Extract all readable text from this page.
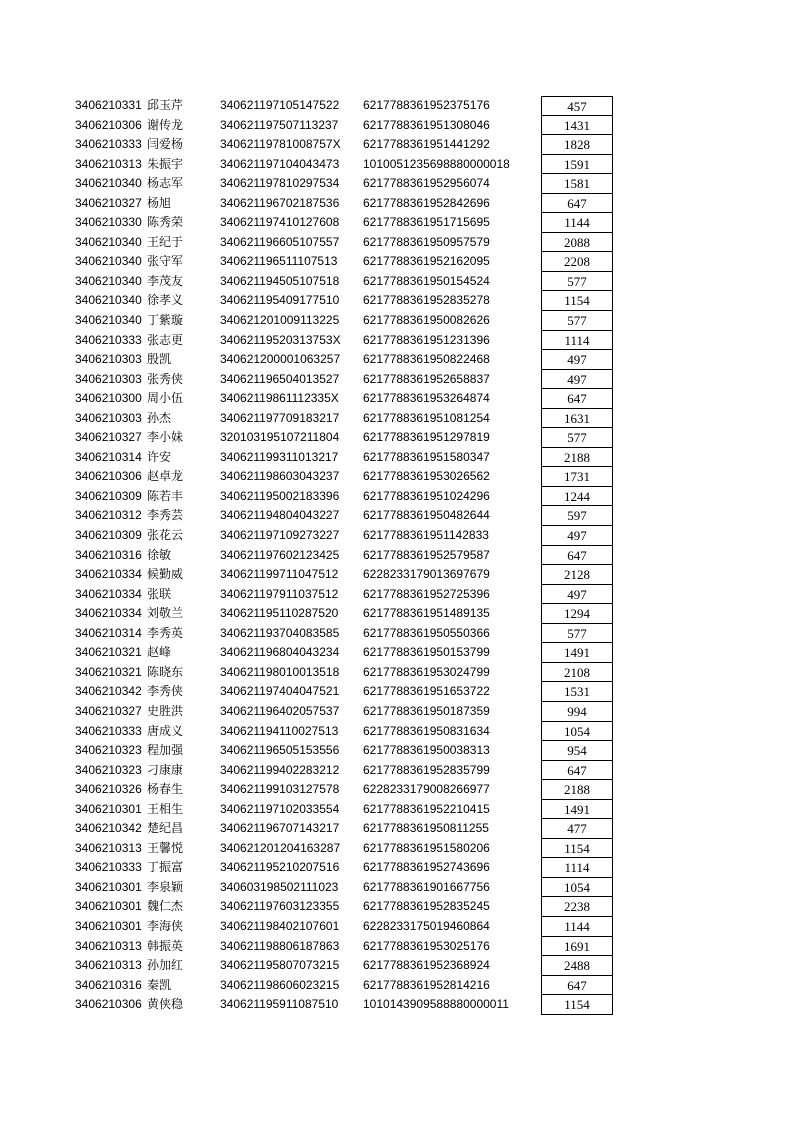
3406210331 邱玉芹	340621197105147522	6217788361952375176	457
3406210306 谢传龙	340621197507113237	6217788361951308046	1431
3406210333 闫爱杨	34062119781008757X	6217788361951441292	1828
3406210313 朱振宇	340621197104043473	1010051235698880000018	1591
3406210340 杨志军	340621197810297534	6217788361952956074	1581
3406210327 杨旭	340621196702187536	6217788361952842696	647
3406210330 陈秀荣	340621197410127608	6217788361951715695	1144
3406210340 王纪于	340621196605107557	6217788361950957579	2088
3406210340 张守军	340621196511107513	6217788361952162095	2208
3406210340 李茂友	340621194505107518	6217788361950154524	577
3406210340 徐孝义	340621195409177510	6217788361952835278	1154
3406210340 丁紫璇	340621201009113225	6217788361950082626	577
3406210333 张志更	34062119520313753X	6217788361951231396	1114
3406210303 殷凯	340621200001063257	6217788361950822468	497
3406210303 张秀侠	340621196504013527	6217788361952658837	497
3406210300 周小伍	34062119861112335X	6217788361953264874	647
3406210303 孙杰	340621197709183217	6217788361951081254	1631
3406210327 李小妹	320103195107211804	6217788361951297819	577
3406210314 许安	340621199311013217	6217788361951580347	2188
3406210306 赵卓龙	340621198603043237	6217788361953026562	1731
3406210309 陈若丰	340621195002183396	6217788361951024296	1244
3406210312 李秀芸	340621194804043227	6217788361950482644	597
3406210309 张花云	340621197109273227	6217788361951142833	497
3406210316 徐敏	340621197602123425	6217788361952579587	647
3406210334 候勤威	340621199711047512	6228233179013697679	2128
3406210334 张联	340621197911037512	6217788361952725396	497
3406210334 刘敬兰	340621195110287520	6217788361951489135	1294
3406210314 李秀英	340621193704083585	6217788361950550366	577
3406210321 赵峰	340621196804043234	6217788361950153799	1491
3406210321 陈晓东	340621198010013518	6217788361953024799	2108
3406210342 李秀侠	340621197404047521	6217788361951653722	1531
3406210327 史胜洪	340621196402057537	6217788361950187359	994
3406210333 唐成义	340621194110027513	6217788361950831634	1054
3406210323 程加强	340621196505153556	6217788361950038313	954
3406210323 刁康康	340621199402283212	6217788361952835799	647
3406210326 杨春生	340621199103127578	6228233179008266977	2188
3406210301 王相生	340621197102033554	6217788361952210415	1491
3406210342 楚纪昌	340621196707143217	6217788361950811255	477
3406210313 王馨悦	340621201204163287	6217788361951580206	1154
3406210333 丁振富	340621195210207516	6217788361952743696	1114
3406210301 李泉颖	340603198502111023	6217788361901667756	1054
3406210301 魏仁杰	340621197603123355	6217788361952835245	2238
3406210301 李海侠	340621198402107601	6228233175019460864	1144
3406210313 韩振英	340621198806187863	6217788361953025176	1691
3406210313 孙加红	340621195807073215	6217788361952368924	2488
3406210316 秦凯	340621198606023215	6217788361952814216	647
3406210306 黄侠稳	340621195911087510	1010143909588880000011	1154
